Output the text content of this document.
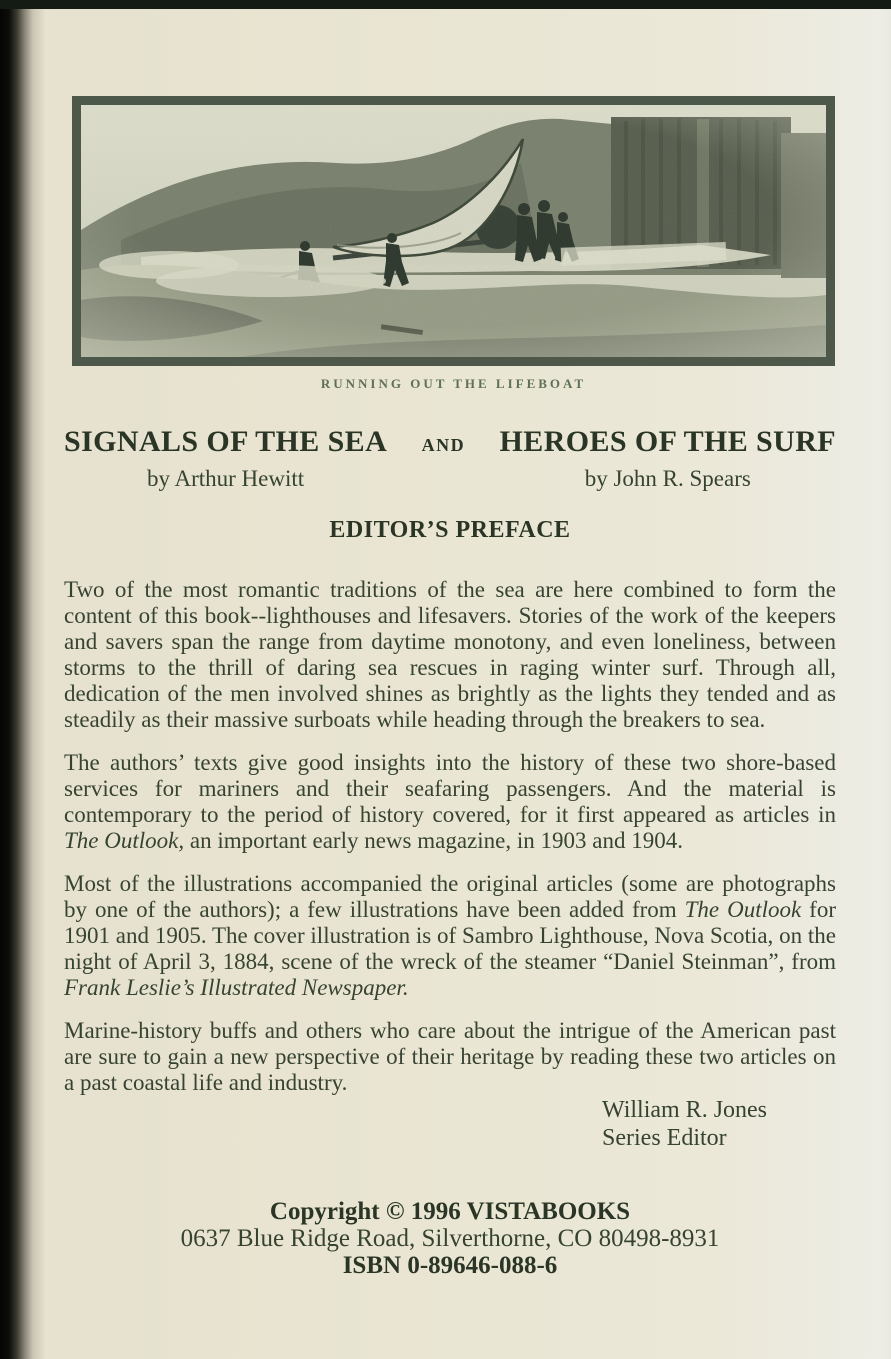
RUNNING OUT THE LIFEBOAT
SIGNALS OF THE SEA
by Arthur Hewitt
AND HEROES OF THE SURF
by John R. Spears
EDITOR’S PREFACE

Two of the most romantic traditions of the sea are here combined to form the content of this book--lighthouses and lifesavers. Stories of the work of the keepers and savers span the range from daytime monotony, and even loneliness, between storms to the thrill of daring sea rescues in raging winter surf. Through all, dedication of the men involved shines as brightly as the lights they tended and as steadily as their massive surboats while heading through the breakers to sea.

The authors’ texts give good insights into the history of these two shore-based services for mariners and their seafaring passengers. And the material is contemporary to the period of history covered, for it first appeared as articles in The Outlook, an important early news magazine, in 1903 and 1904.

Most of the illustrations accompanied the original articles (some are photographs by one of the authors); a few illustrations have been added from The Outlook for 1901 and 1905. The cover illustration is of Sambro Lighthouse, Nova Scotia, on the night of April 3, 1884, scene of the wreck of the steamer “Daniel Steinman”, from Frank Leslie’s Illustrated Newspaper.

Marine-history buffs and others who care about the intrigue of the American past are sure to gain a new perspective of their heritage by reading these two articles on a past coastal life and industry.

William R. Jones
Series Editor
Copyright © 1996 VISTABOOKS
0637 Blue Ridge Road, Silverthorne, CO 80498-8931
ISBN 0-89646-088-6
